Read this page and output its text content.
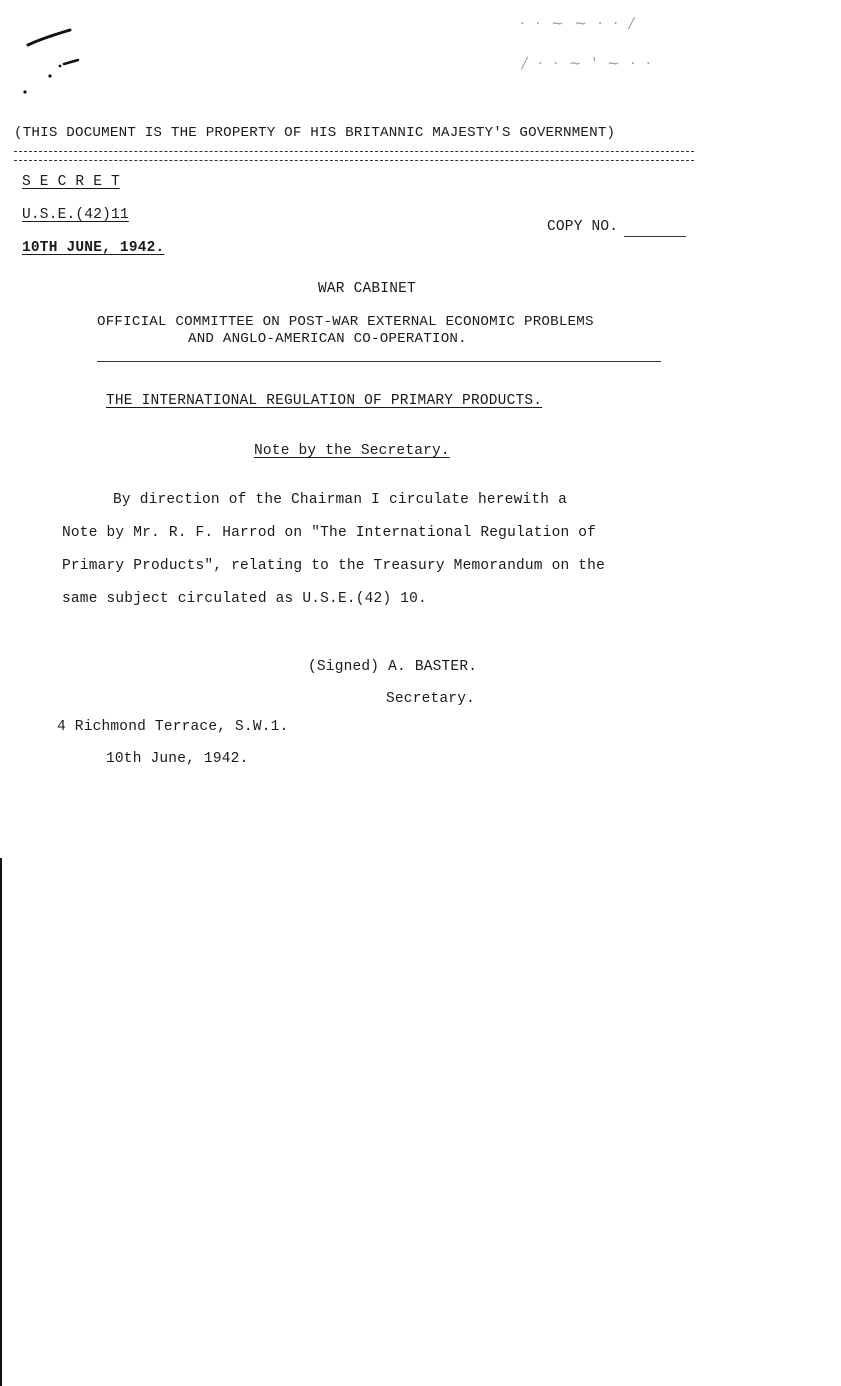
· · ~ ~ · · /
/ · · ~ ' ~ · ·
(THIS DOCUMENT IS THE PROPERTY OF HIS BRITANNIC MAJESTY'S GOVERNMENT)
S E C R E T
U.S.E.(42)11
10TH JUNE, 1942.
COPY NO.
WAR CABINET
OFFICIAL COMMITTEE ON POST-WAR EXTERNAL ECONOMIC PROBLEMS
AND ANGLO-AMERICAN CO-OPERATION.
THE INTERNATIONAL REGULATION OF PRIMARY PRODUCTS.
Note by the Secretary.
By direction of the Chairman I circulate herewith a
Note by Mr. R. F. Harrod on "The International Regulation of
Primary Products", relating to the Treasury Memorandum on the
same subject circulated as U.S.E.(42) 10.
(Signed) A. BASTER.
Secretary.
4 Richmond Terrace, S.W.1.
10th June, 1942.
